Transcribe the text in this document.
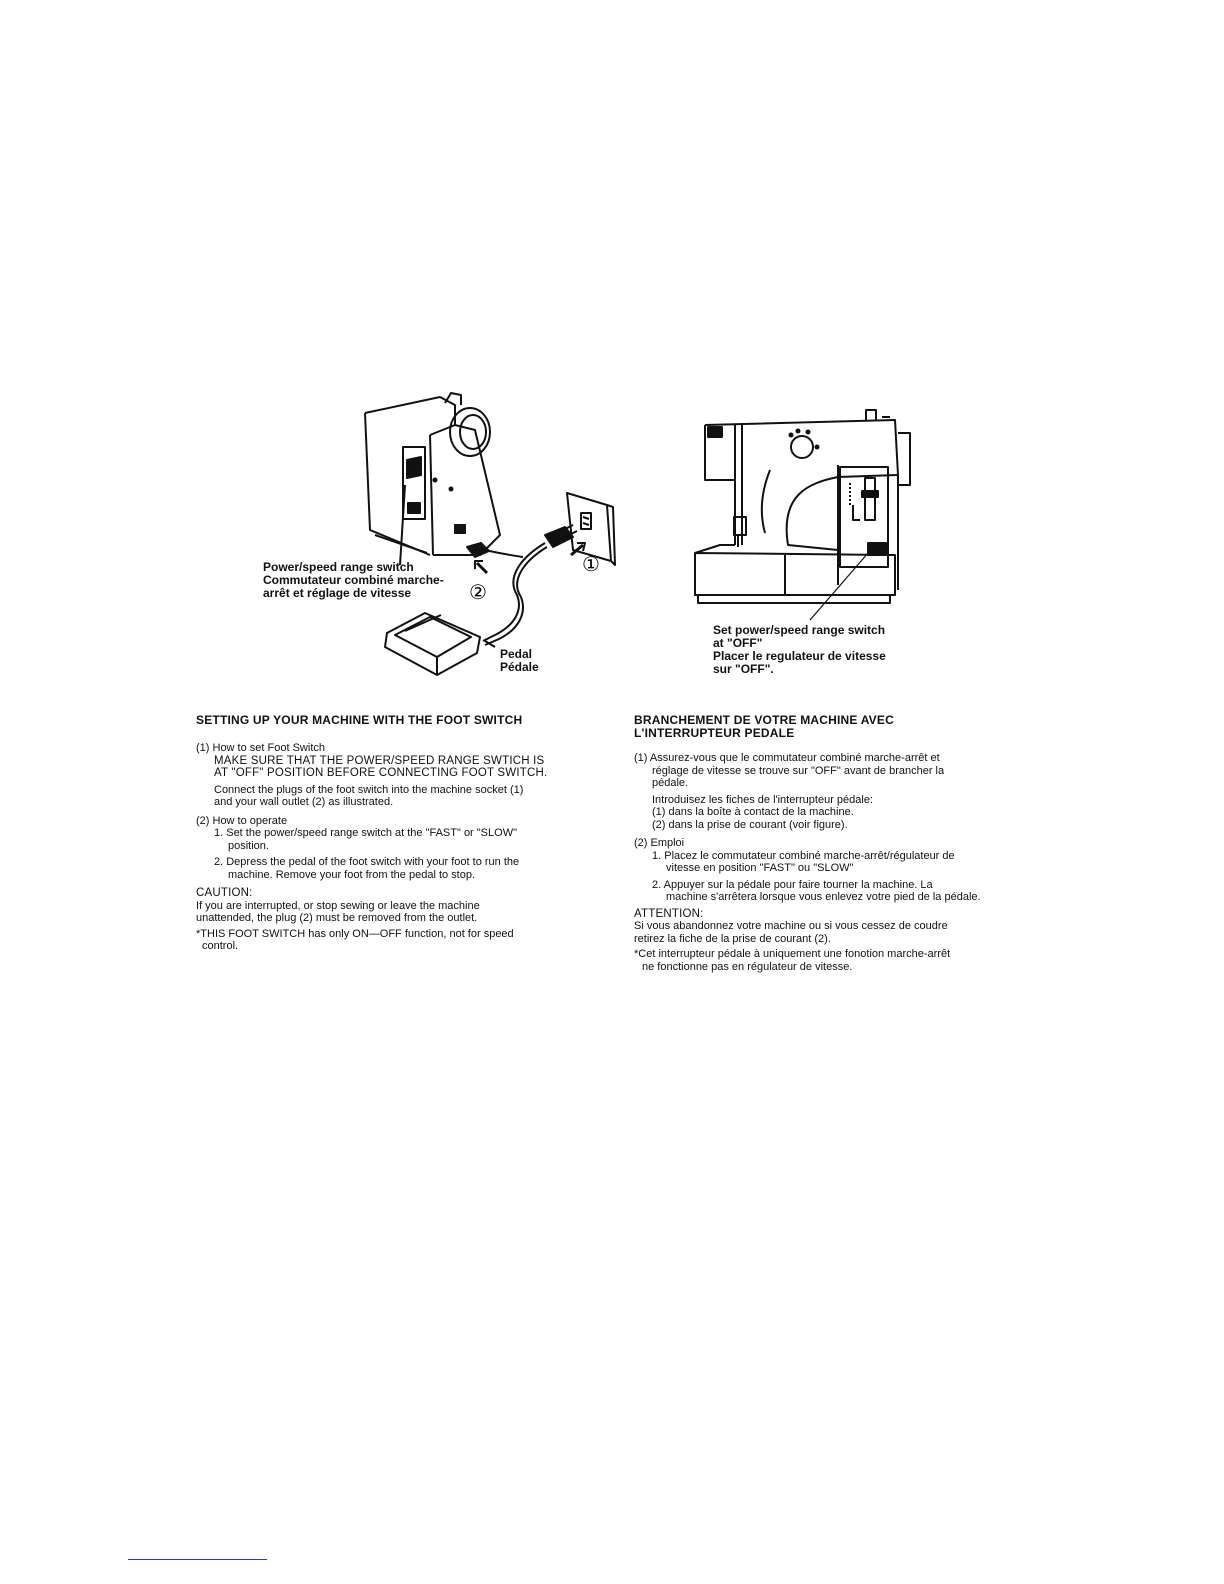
①
②
Power/speed range switch
Commutateur combiné marche-
arrêt et réglage de vitesse
Pedal
Pédale
Set power/speed range switch
at "OFF"
Placer le regulateur de vitesse
sur "OFF".
SETTING UP YOUR MACHINE WITH THE FOOT SWITCH
(1) How to set Foot Switch
MAKE SURE THAT THE POWER/SPEED RANGE SWTICH IS
AT "OFF" POSITION BEFORE CONNECTING FOOT SWITCH.
Connect the plugs of the foot switch into the machine socket (1)
and your wall outlet (2) as illustrated.
(2) How to operate
1. Set the power/speed range switch at the "FAST" or "SLOW"
position.
2. Depress the pedal of the foot switch with your foot to run the
machine. Remove your foot from the pedal to stop.
CAUTION:
If you are interrupted, or stop sewing or leave the machine
unattended, the plug (2) must be removed from the outlet.
*THIS FOOT SWITCH has only ON—OFF function, not for speed
control.
BRANCHEMENT DE VOTRE MACHINE AVEC
L'INTERRUPTEUR PEDALE
(1) Assurez-vous que le commutateur combiné marche-arrêt et
réglage de vitesse se trouve sur "OFF" avant de brancher la
pédale.
Introduisez les fiches de l'interrupteur pédale:
(1) dans la boîte à contact de la machine.
(2) dans la prise de courant (voir figure).
(2) Emploi
1. Placez le commutateur combiné marche-arrêt/régulateur de
vitesse en position "FAST" ou "SLOW"
2. Appuyer sur la pédale pour faire tourner la machine. La
machine s'arrêtera lorsque vous enlevez votre pied de la pédale.
ATTENTION:
Si vous abandonnez votre machine ou si vous cessez de coudre
retirez la fiche de la prise de courant (2).
*Cet interrupteur pédale à uniquement une fonotion marche-arrêt
ne fonctionne pas en régulateur de vitesse.
